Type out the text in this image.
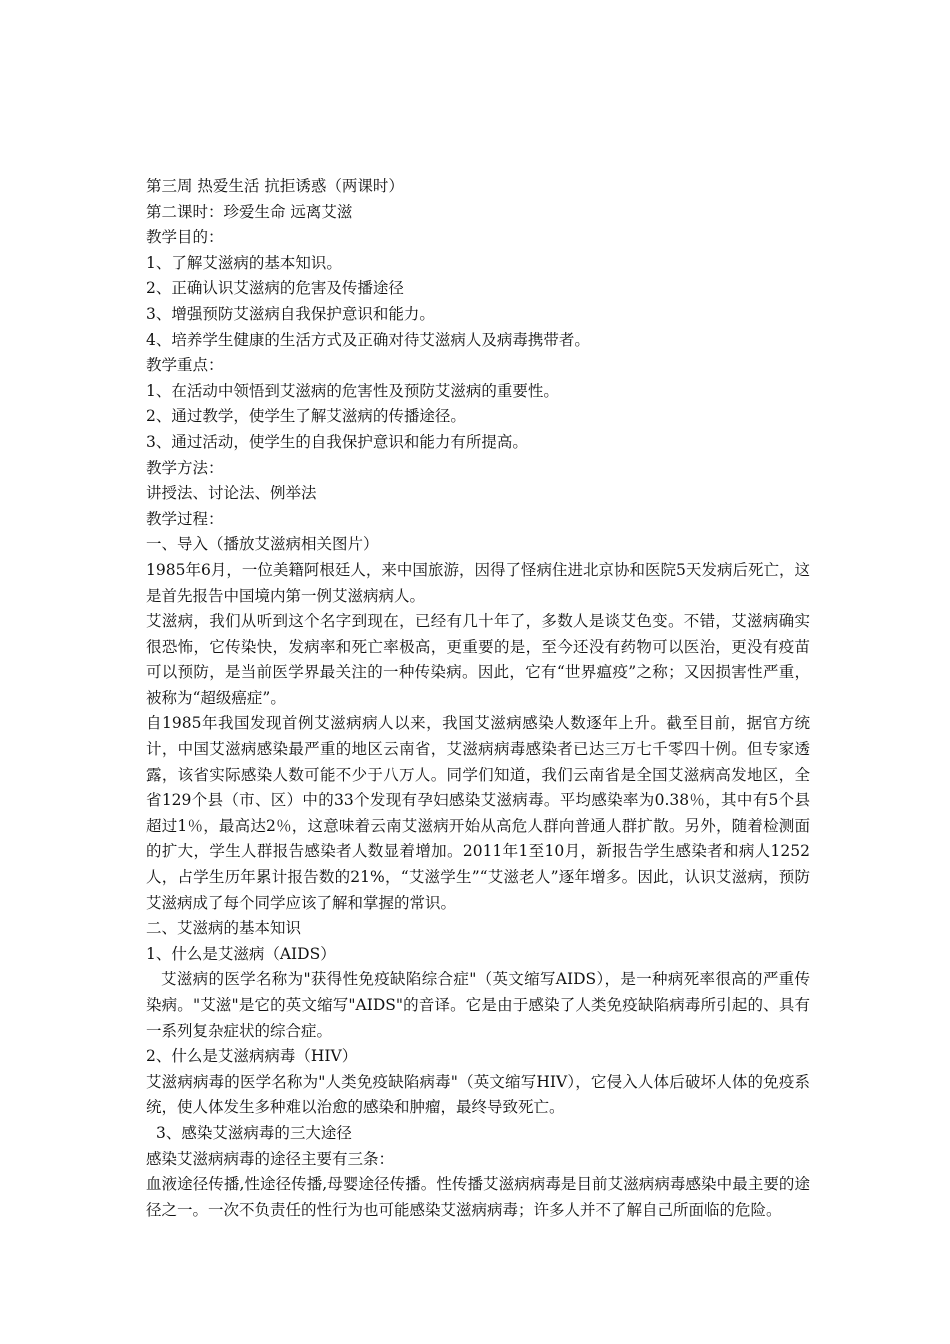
第三周 热爱生活 抗拒诱惑（两课时）

第二课时：珍爱生命 远离艾滋

教学目的：

1、了解艾滋病的基本知识。

2、正确认识艾滋病的危害及传播途径

3、增强预防艾滋病自我保护意识和能力。

4、培养学生健康的生活方式及正确对待艾滋病人及病毒携带者。

教学重点：

1、在活动中领悟到艾滋病的危害性及预防艾滋病的重要性。

2、通过教学，使学生了解艾滋病的传播途径。

3、通过活动，使学生的自我保护意识和能力有所提高。

教学方法：

讲授法、讨论法、例举法

教学过程：

一、导入（播放艾滋病相关图片）

1985年6月，一位美籍阿根廷人，来中国旅游，因得了怪病住进北京协和医院5天发病后死亡，这是首先报告中国境内第一例艾滋病病人。

艾滋病，我们从听到这个名字到现在，已经有几十年了，多数人是谈艾色变。不错，艾滋病确实很恐怖，它传染快，发病率和死亡率极高，更重要的是，至今还没有药物可以医治，更没有疫苗可以预防，是当前医学界最关注的一种传染病。因此，它有“世界瘟疫”之称；又因损害性严重，被称为“超级癌症”。

自1985年我国发现首例艾滋病病人以来，我国艾滋病感染人数逐年上升。截至目前，据官方统计，中国艾滋病感染最严重的地区云南省，艾滋病病毒感染者已达三万七千零四十例。但专家透露，该省实际感染人数可能不少于八万人。同学们知道，我们云南省是全国艾滋病高发地区，全省129个县（市、区）中的33个发现有孕妇感染艾滋病毒。平均感染率为0.38％，其中有5个县超过1％，最高达2％，这意味着云南艾滋病开始从高危人群向普通人群扩散。另外，随着检测面的扩大，学生人群报告感染者人数显着增加。2011年1至10月，新报告学生感染者和病人1252人，占学生历年累计报告数的21%，“艾滋学生”“艾滋老人”逐年增多。因此，认识艾滋病，预防艾滋病成了每个同学应该了解和掌握的常识。

二、艾滋病的基本知识

1、什么是艾滋病（AIDS）

艾滋病的医学名称为"获得性免疫缺陷综合症"（英文缩写AIDS），是一种病死率很高的严重传染病。"艾滋"是它的英文缩写"AIDS"的音译。它是由于感染了人类免疫缺陷病毒所引起的、具有一系列复杂症状的综合症。

2、什么是艾滋病病毒（HIV）

艾滋病病毒的医学名称为"人类免疫缺陷病毒"（英文缩写HIV），它侵入人体后破坏人体的免疫系统，使人体发生多种难以治愈的感染和肿瘤，最终导致死亡。

3、感染艾滋病毒的三大途径

感染艾滋病病毒的途径主要有三条：

血液途径传播,性途径传播,母婴途径传播。性传播艾滋病病毒是目前艾滋病病毒感染中最主要的途径之一。一次不负责任的性行为也可能感染艾滋病病毒；许多人并不了解自己所面临的危险。
